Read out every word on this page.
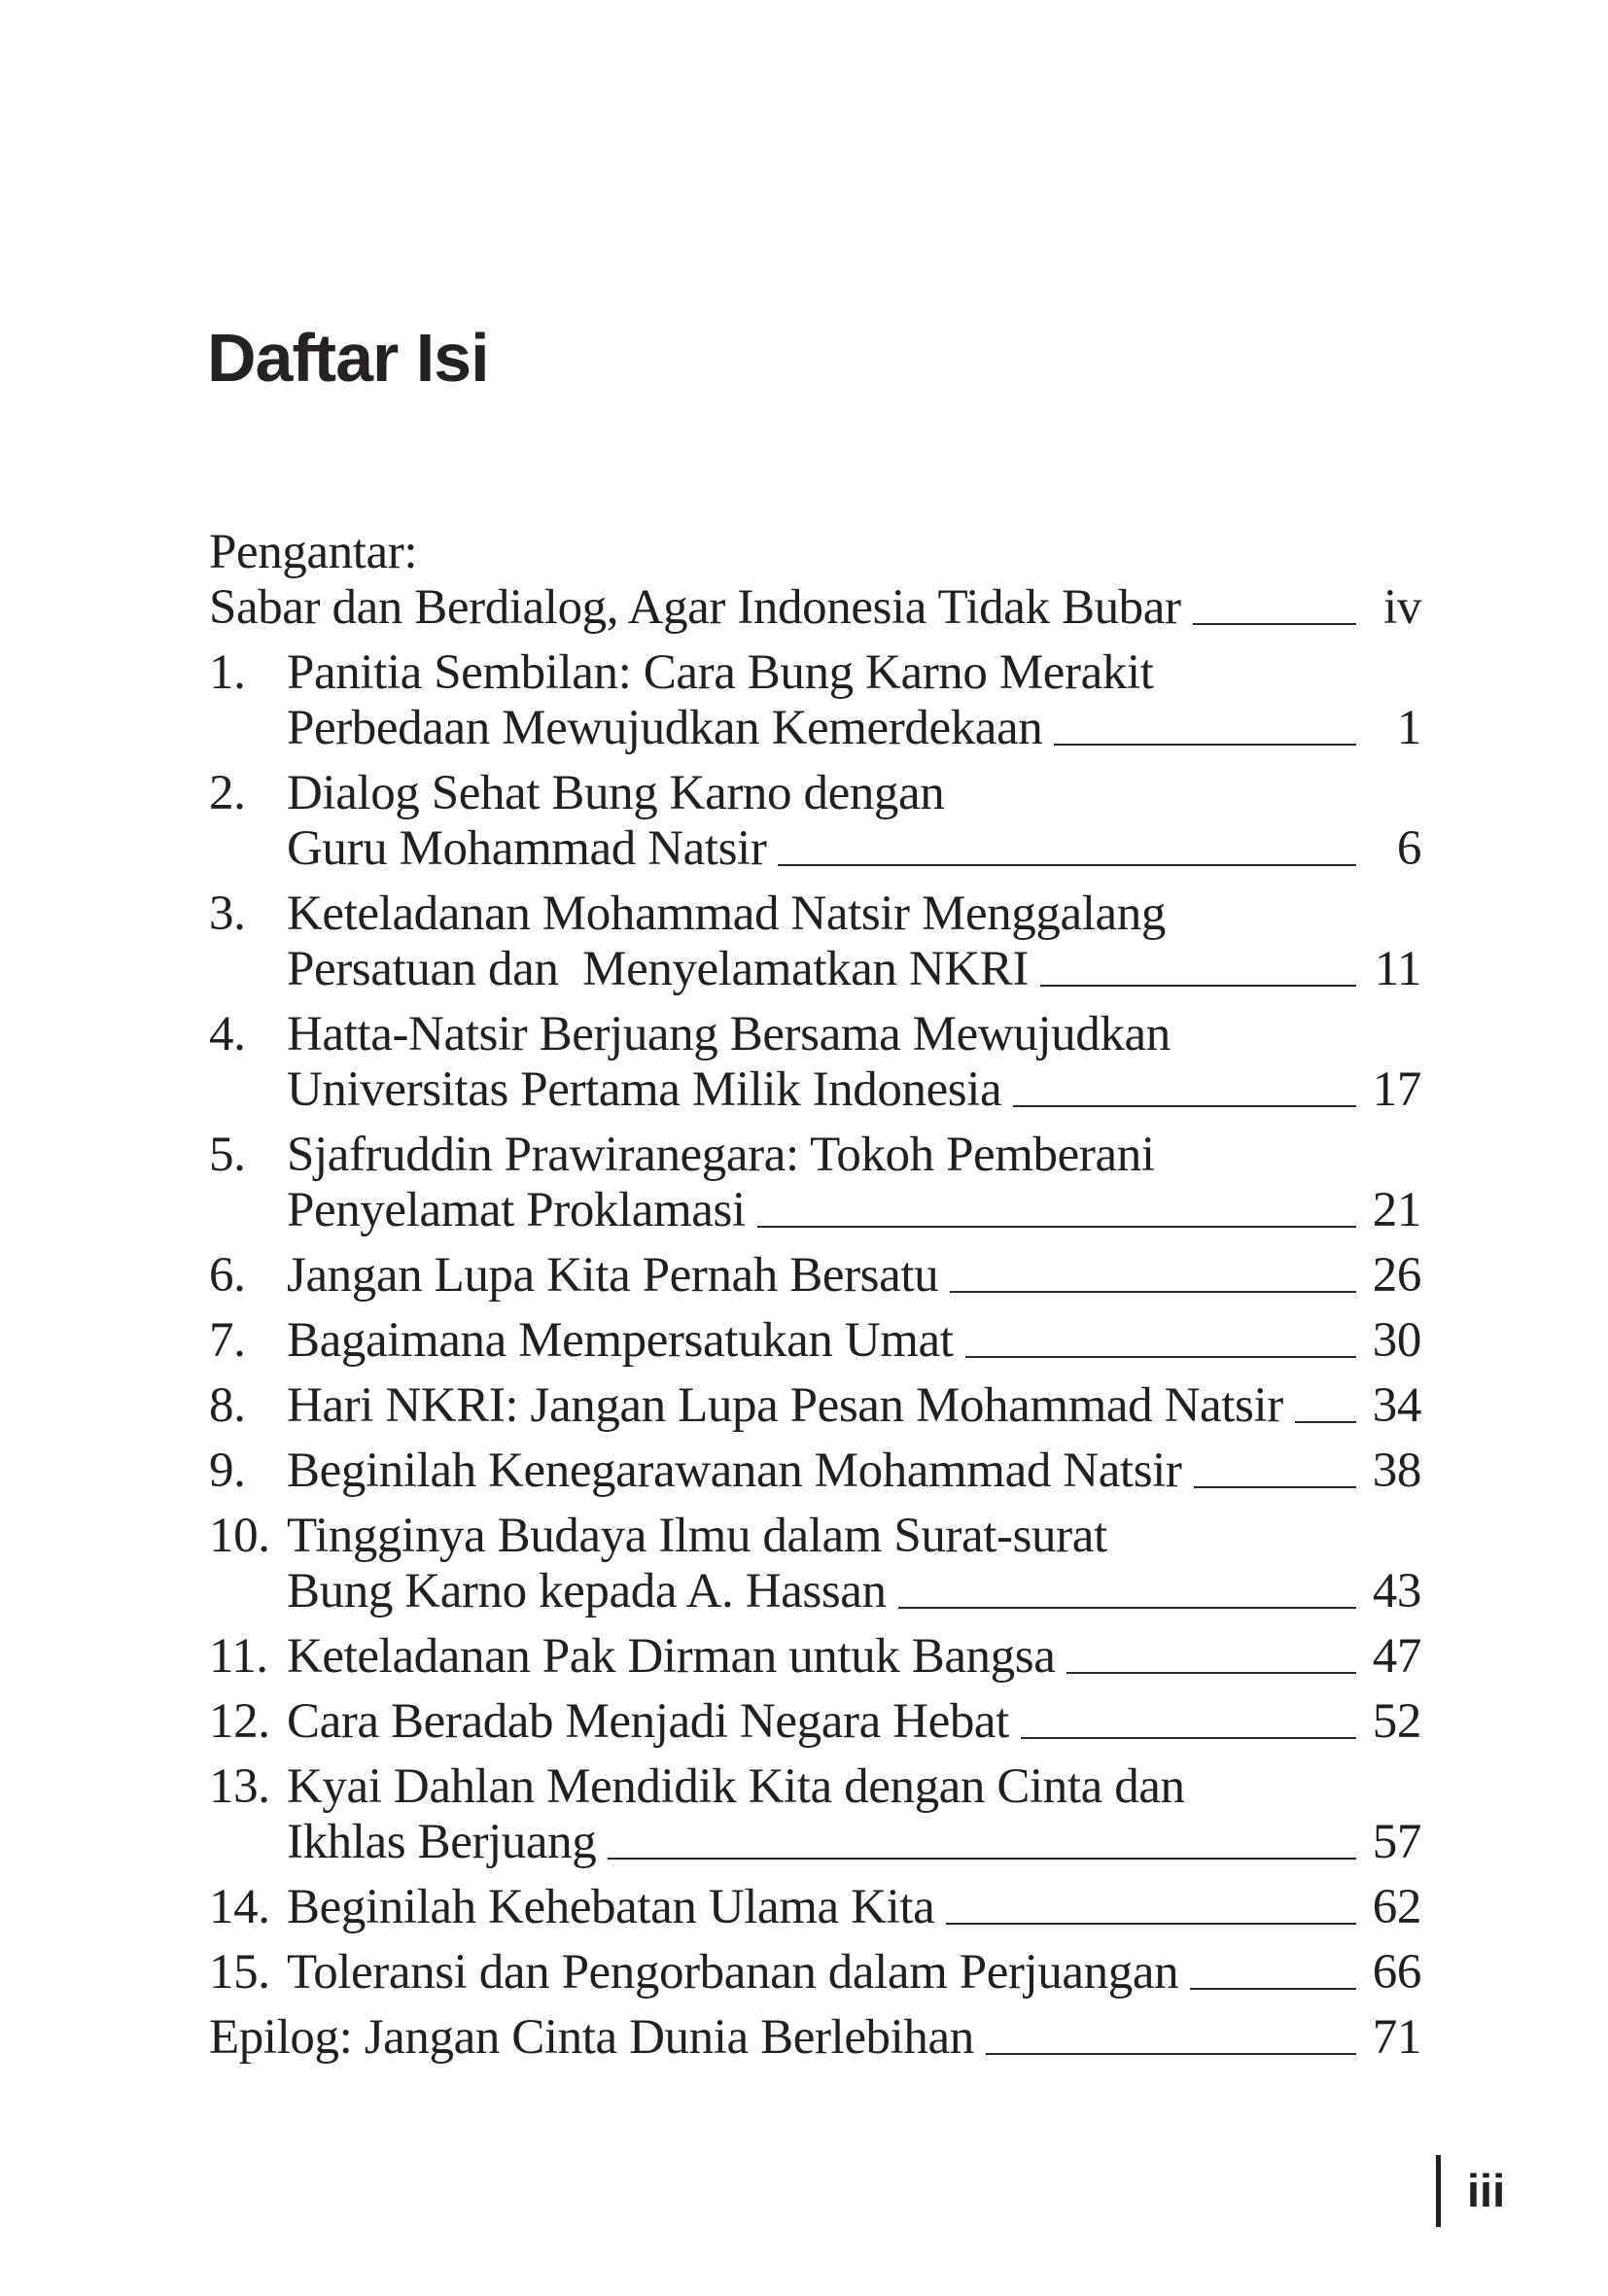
Daftar Isi
Pengantar:
Sabar dan Berdialog, Agar Indonesia Tidak Bubar	iv
1. Panitia Sembilan: Cara Bung Karno Merakit
Perbedaan Mewujudkan Kemerdekaan	1
2. Dialog Sehat Bung Karno dengan
Guru Mohammad Natsir	6
3. Keteladanan Mohammad Natsir Menggalang
Persatuan dan  Menyelamatkan NKRI	11
4. Hatta-Natsir Berjuang Bersama Mewujudkan
Universitas Pertama Milik Indonesia	17
5. Sjafruddin Prawiranegara: Tokoh Pemberani
Penyelamat Proklamasi	21
6. Jangan Lupa Kita Pernah Bersatu	26
7. Bagaimana Mempersatukan Umat	30
8. Hari NKRI: Jangan Lupa Pesan Mohammad Natsir	34
9. Beginilah Kenegarawanan Mohammad Natsir	38
10. Tingginya Budaya Ilmu dalam Surat-surat
Bung Karno kepada A. Hassan	43
11. Keteladanan Pak Dirman untuk Bangsa	47
12. Cara Beradab Menjadi Negara Hebat	52
13. Kyai Dahlan Mendidik Kita dengan Cinta dan
Ikhlas Berjuang	57
14. Beginilah Kehebatan Ulama Kita	62
15. Toleransi dan Pengorbanan dalam Perjuangan	66
Epilog: Jangan Cinta Dunia Berlebihan	71
iii
